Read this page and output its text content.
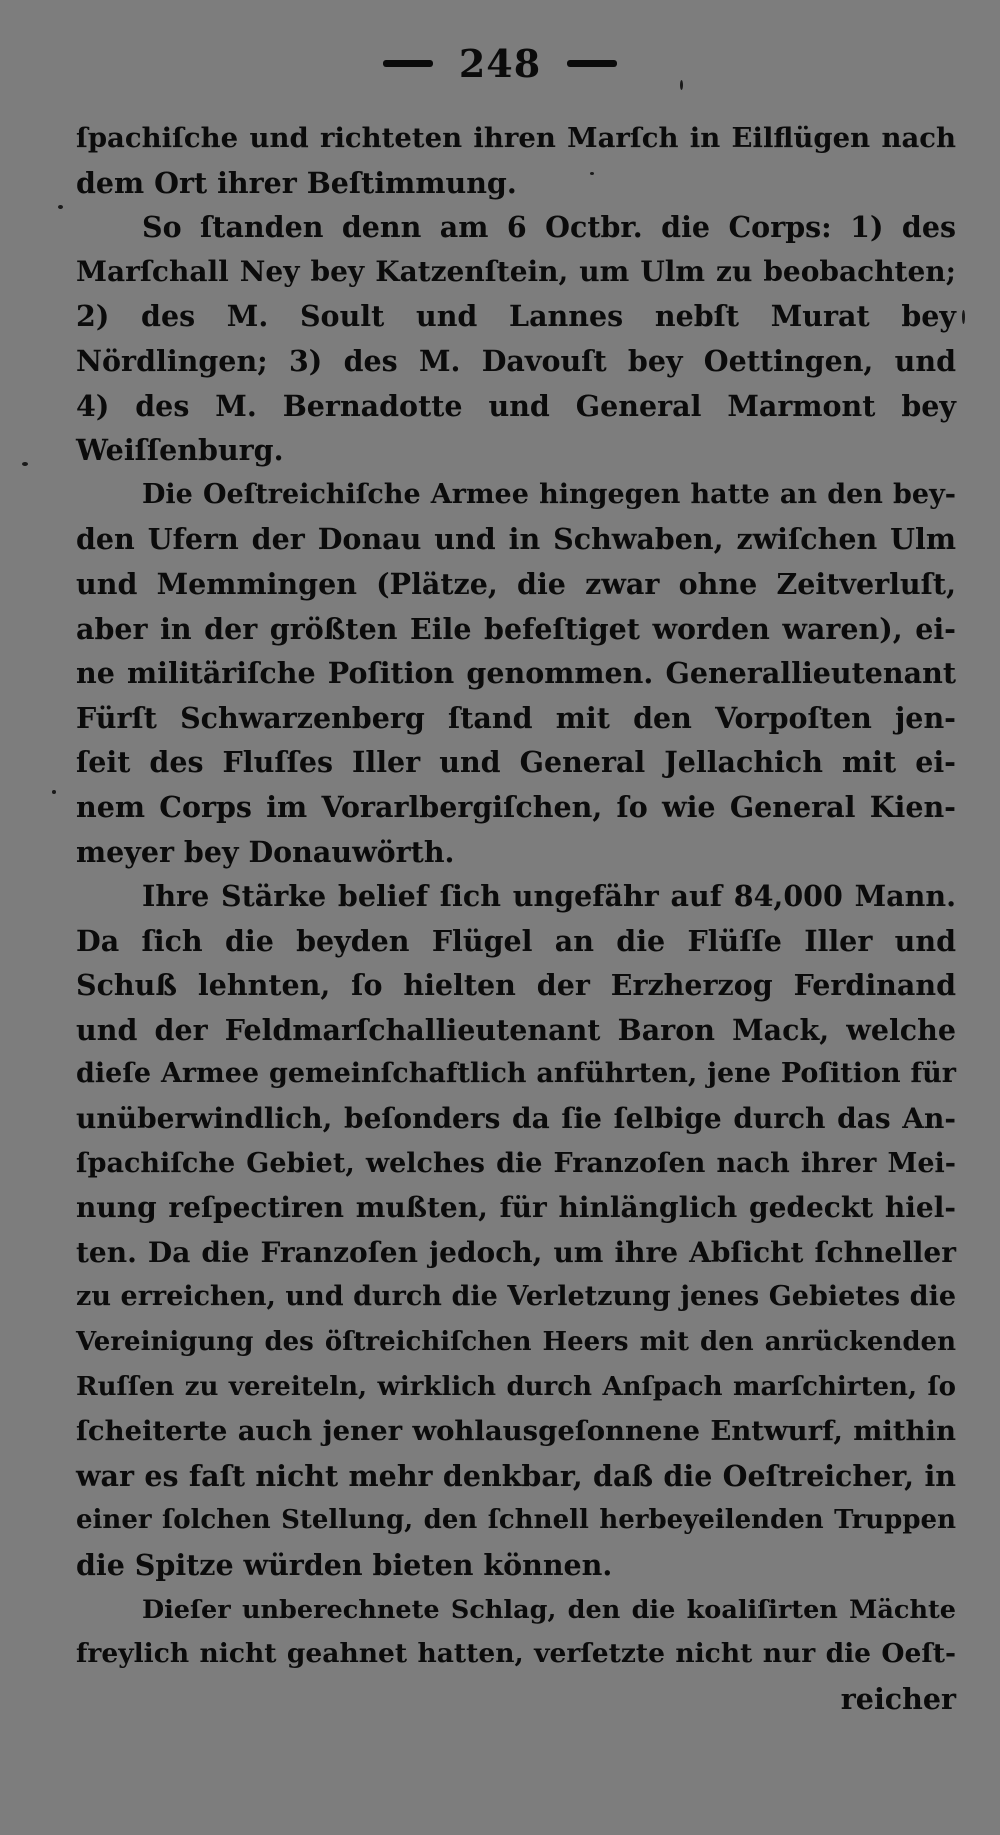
248
ſpachiſche und richteten ihren Marſch in Eilflügen nach
dem Ort ihrer Beſtimmung.
So ſtanden denn am 6 Octbr. die Corps: 1) des
Marſchall Ney bey Katzenſtein, um Ulm zu beobachten;
2) des M. Soult und Lannes nebſt Murat bey
Nördlingen; 3) des M. Davouſt bey Oettingen, und
4) des M. Bernadotte und General Marmont bey
Weiſſenburg.
Die Oeſtreichiſche Armee hingegen hatte an den bey-
den Ufern der Donau und in Schwaben, zwiſchen Ulm
und Memmingen (Plätze, die zwar ohne Zeitverluſt,
aber in der größten Eile befeſtiget worden waren), ei-
ne militäriſche Poſition genommen. Generallieutenant
Fürſt Schwarzenberg ſtand mit den Vorpoſten jen-
ſeit des Fluſſes Iller und General Jellachich mit ei-
nem Corps im Vorarlbergiſchen, ſo wie General Kien-
meyer bey Donauwörth.
Ihre Stärke belief ſich ungefähr auf 84,000 Mann.
Da ſich die beyden Flügel an die Flüſſe Iller und
Schuß lehnten, ſo hielten der Erzherzog Ferdinand
und der Feldmarſchallieutenant Baron Mack, welche
dieſe Armee gemeinſchaftlich anführten, jene Poſition für
unüberwindlich, beſonders da ſie ſelbige durch das An-
ſpachiſche Gebiet, welches die Franzoſen nach ihrer Mei-
nung reſpectiren mußten, für hinlänglich gedeckt hiel-
ten. Da die Franzoſen jedoch, um ihre Abſicht ſchneller
zu erreichen, und durch die Verletzung jenes Gebietes die
Vereinigung des öſtreichiſchen Heers mit den anrückenden
Ruſſen zu vereiteln, wirklich durch Anſpach marſchirten, ſo
ſcheiterte auch jener wohlausgeſonnene Entwurf, mithin
war es faſt nicht mehr denkbar, daß die Oeſtreicher, in
einer ſolchen Stellung, den ſchnell herbeyeilenden Truppen
die Spitze würden bieten können.
Dieſer unberechnete Schlag, den die koaliſirten Mächte
freylich nicht geahnet hatten, verſetzte nicht nur die Oeſt-
reicher
